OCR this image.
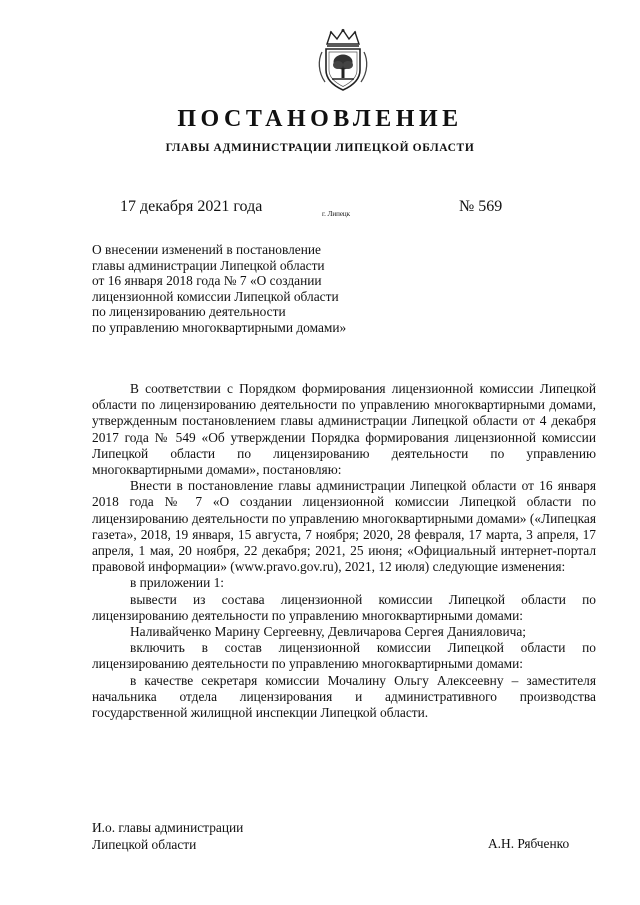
ПОСТАНОВЛЕНИЕ
ГЛАВЫ АДМИНИСТРАЦИИ ЛИПЕЦКОЙ ОБЛАСТИ
17 декабря 2021 года	г. Липецк	№ 569
О внесении изменений в постановление
главы администрации Липецкой области
от 16 января 2018 года № 7 «О создании
лицензионной комиссии Липецкой области
по лицензированию деятельности
по управлению многоквартирными домами»

В соответствии с Порядком формирования лицензионной комиссии Липецкой области по лицензированию деятельности по управлению многоквартирными домами, утвержденным постановлением главы администрации Липецкой области от 4 декабря 2017 года № 549 «Об утверждении Порядка формирования лицензионной комиссии Липецкой области по лицензированию деятельности по управлению многоквартирными домами», постановляю:

Внести в постановление главы администрации Липецкой области от 16 января 2018 года № 7 «О создании лицензионной комиссии Липецкой области по лицензированию деятельности по управлению многоквартирными домами» («Липецкая газета», 2018, 19 января, 15 августа, 7 ноября; 2020, 28 февраля, 17 марта, 3 апреля, 17 апреля, 1 мая, 20 ноября, 22 декабря; 2021, 25 июня; «Официальный интернет-портал правовой информации» (www.pravo.gov.ru), 2021, 12 июля) следующие изменения:

в приложении 1:

вывести из состава лицензионной комиссии Липецкой области по лицензированию деятельности по управлению многоквартирными домами:

Наливайченко Марину Сергеевну, Девличарова Сергея Данияловича;

включить в состав лицензионной комиссии Липецкой области по лицензированию деятельности по управлению многоквартирными домами:

в качестве секретаря комиссии Мочалину Ольгу Алексеевну – заместителя начальника отдела лицензирования и административного производства государственной жилищной инспекции Липецкой области.

И.о. главы администрации
Липецкой области	А.Н. Рябченко
